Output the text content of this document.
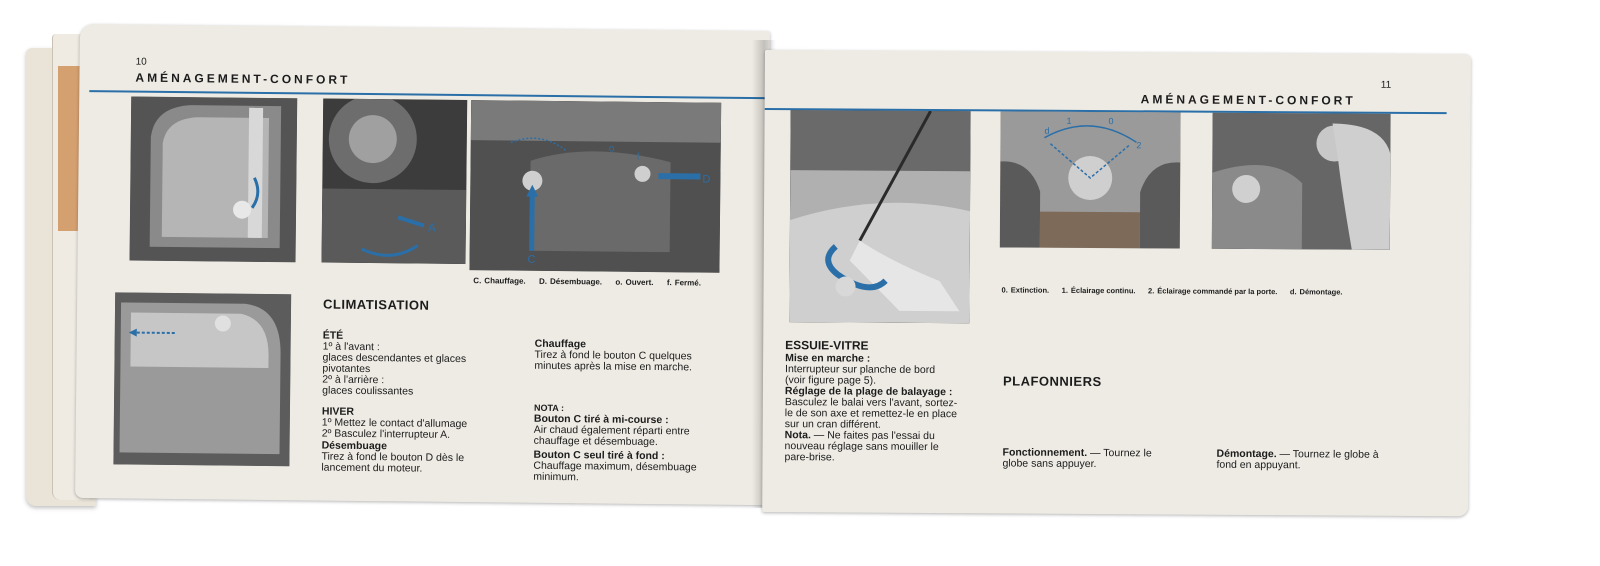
10
AMÉNAGEMENT-CONFORT
A
C
D
o
f
C. Chauffage. D. Désembuage. o. Ouvert. f. Fermé.
CLIMATISATION
ÉTÉ
1º à l'avant :
glaces descendantes et glaces
pivotantes
2º à l'arrière :
glaces coulissantes
HIVER
1º Mettez le contact d'allumage
2º Basculez l'interrupteur A.
Désembuage
Tirez à fond le bouton D dès le
lancement du moteur.
Chauffage
Tirez à fond le bouton C quelques
minutes après la mise en marche.
NOTA :
Bouton C tiré à mi-course :
Air chaud également réparti entre
chauffage et désembuage.
Bouton C seul tiré à fond :
Chauffage maximum, désembuage
minimum.
11
AMÉNAGEMENT-CONFORT
d
1	0
2
0. Extinction. 1. Éclairage continu. 2. Éclairage commandé par la porte. d. Démontage.
ESSUIE-VITRE
Mise en marche :
Interrupteur sur planche de bord
(voir figure page 5).
Réglage de la plage de balayage :
Basculez le balai vers l'avant, sortez-
le de son axe et remettez-le en place
sur un cran différent.
Nota. — Ne faites pas l'essai du
nouveau réglage sans mouiller le
pare-brise.
PLAFONNIERS
Fonctionnement. — Tournez le
globe sans appuyer.
Démontage. — Tournez le globe à
fond en appuyant.
